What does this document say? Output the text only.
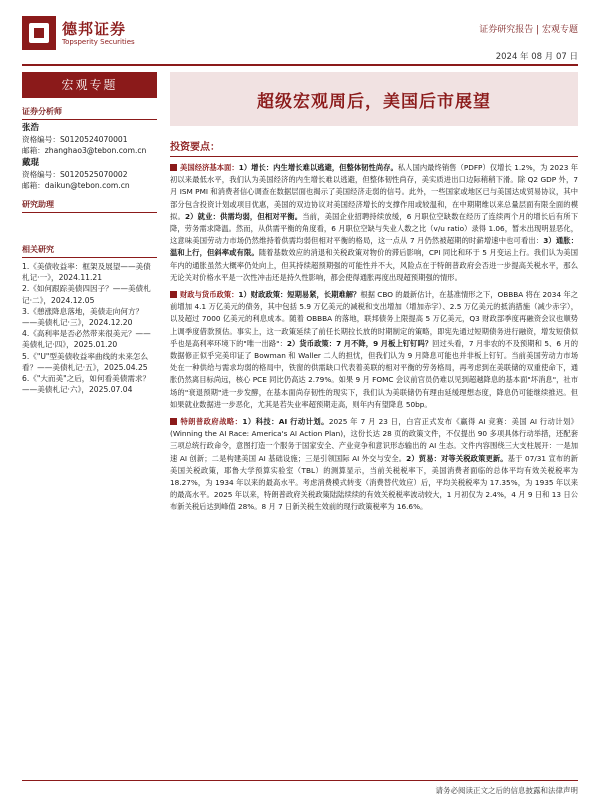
德邦证券
Topsperity Securities
证券研究报告 | 宏观专题
2024 年 08 月 07 日
宏观专题
证券分析师
张浩
资格编号：S0120524070001
邮箱：zhanghao3@tebon.com.cn
戴琨
资格编号：S0120525070002
邮箱：daikun@tebon.com.cn
研究助理
相关研究
1.《美债收益率：框架及展望——美债札记·一》，2024.11.21
2.《如何跟踪美债四因子？——美债札记·二》，2024.12.05
3.《憩涨降息落地，美债走向何方？——美债札记·三》，2024.12.20
4.《高利率是否必然带来很美元？——美债札记·四》，2025.01.20
5.《"U"型美债收益率曲线的未来怎么看？——美债札记·五》，2025.04.25
6.《"大而美"之后，如何看美债需求？——美债札记·六》，2025.07.04
超级宏观周后，美国后市展望
投资要点：
美国经济基本面：1）增长：内生增长难以逃避，但整体韧性尚存。私人国内最终销售（PDFP）仅增长 1.2%，为 2023 年初以来最低水平，我们认为美国经济的内生增长难以逃避，但整体韧性尚存，美实质进出口边际稍稍下滑。除 Q2 GDP 外，7 月 ISM PMI 和消费者信心调查在数据层面也揭示了美国经济走弱的信号。此外，一些国家或地区已与美国达成贸易协议，其中部分包含投资计划或项目优惠，美国的双边协议对美国经济增长的支撑作用或较温和，在中期期维以来总量层面有限全面的模拟。2）就业：供需均弱，但相对平衡。当前，美国企业招聘持续放缓，6 月职位空缺数在经历了连续两个月的增长后有所下降，劳务需求降温。然而，从供需平衡的角度看，6 月职位空缺与失业人数之比（v/u ratio）录得 1.06，暂未出现明显恶化，这意味美国劳动力市场仍然维持着供需均弱但相对平衡的格局，这一点从 7 月仍然被超期的时薪增速中也可看出：3）通胀：温和上行，但斜率或有限。随着基数效应的消退和关税政策对物价的滞后影响，CPI 同比和环于 5 月变运上行。我们认为美国年内的通胀虽然大概率仍处向上，但其持续超预期强的可能性并不大，风险点在于特朗普政府会否进一步提高关税水平，那么无论关对价格水平是一次性冲击还是持久性影响，都会使得通胀再度出现超预期强的情形。
财政与货币政策：1）财政政策：短期易紧，长期难解？根据 CBO 的最新估计，在基准情形之下，OBBBA 将在 2034 年之前增加 4.1 万亿美元的债务，其中包括 5.9 万亿美元的减税和支出增加（增加赤字）、2.5 万亿美元的抵消措施（减少赤字），以及超过 7000 亿美元的利息成本。随着 OBBBA 的落地，联邦债务上限提高 5 万亿美元，Q3 财政部季度再融资会议也顺势上调季度借款预估。事实上，这一政策延续了前任长期拉长放的时期制定的策略，即宪先通过短期债务进行融资，增发短债似乎也是高利率环境下的"唯一出路"：2）货币政策：7 月不降，9 月板上钉钉吗？回过头看，7 月非农的不及预期和 5、6 月的数据修正似乎完美印证了 Bowman 和 Waller 二人的担忧，但我们认为 9 月降息可能也并非板上钉钉。当前美国劳动力市场处在一种供给与需求均弱的格局中，铁窗的供需缺口代表着美联的相对平衡的劳务格局，再考虑到在美联储的双重使命下，通胀仍然离目标尚远，核心 PCE 同比仍高达 2.79%。如果 9 月 FOMC 会议前官员仍难以见到超越降息的基本面"坏消息"，社市场的"衰退预期"进一步发酵，在基本面尚存韧性的现实下，我们认为美联储仍有理由延缓理想态度，降息仍可能继续推迟。但如果就业数据进一步恶化，尤其是若失业率超预期走高，则年内有望降息 50bp。
特朗普政府战略：1）科技：AI 行动计划。2025 年 7 月 23 日，白宫正式发布《赢得 AI 竞赛：美国 AI 行动计划》(Winning the AI Race: America's AI Action Plan)，这份长达 28 页的政策文件，不仅提出 90 多项具体行动举措，还配套三项总统行政命令，意图打造一个服务于国家安全、产业竞争和意识形态输出的 AI 生态。文件内容围绕三大支柱展开：一是加速 AI 创新；二是构建美国 AI 基础设施；三是引领国际 AI 外交与安全。2）贸易：对等关税政策更新。基于 07/31 宣布的新美国关税政策，耶鲁大学预算实验室（TBL）的测算显示，当前关税税率下，美国消费者面临的总体平均有效关税税率为 18.27%，为 1934 年以来的最高水平。考虑消费模式转变（消费替代效应）后，平均关税税率为 17.35%，为 1935 年以来的最高水平。2025 年以来，特朗普政府关税政策陆陆续续的有效关税税率波动较大，1 月初仅为 2.4%，4 月 9 日和 13 日公布新关税后达到峰值 28%。8 月 7 日新关税生效前的现行政策税率为 16.6%。
请务必阅读正文之后的信息披露和法律声明
